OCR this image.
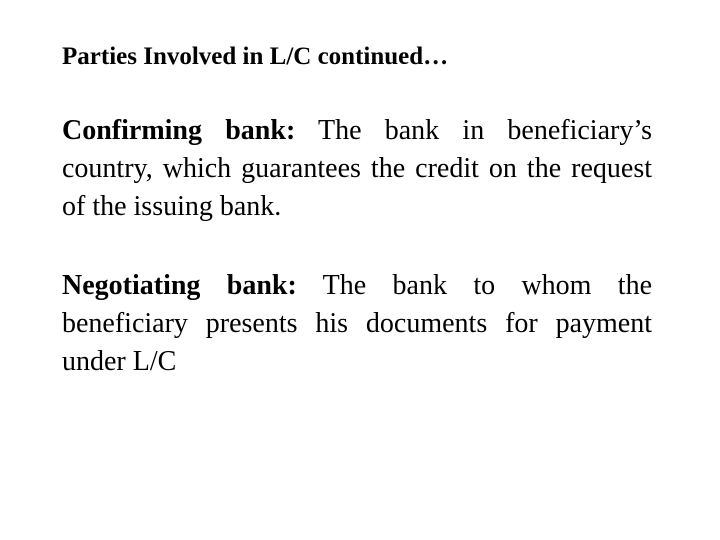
Parties Involved in L/C continued…

Confirming bank: The bank in beneficiary’s country, which guarantees the credit on the request of the issuing bank.

Negotiating bank: The bank to whom the beneficiary presents his documents for payment under L/C
